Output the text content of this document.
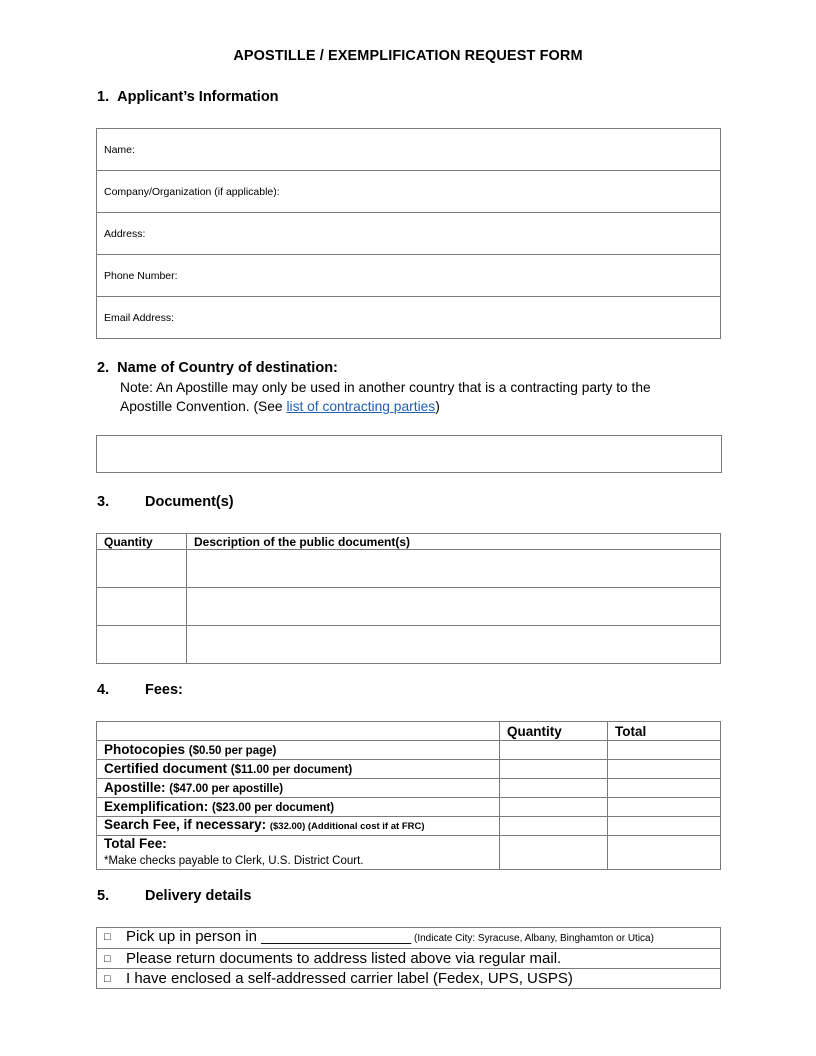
APOSTILLE / EXEMPLIFICATION REQUEST FORM
1. Applicant’s Information
Name:
Company/Organization (if applicable):
Address:
Phone Number:
Email Address:
2. Name of Country of destination:
Note: An Apostille may only be used in another country that is a contracting party to the
Apostille Convention. (See list of contracting parties)
3. Document(s)
Quantity	Description of the public document(s)

4. Fees:
	Quantity	Total
Photocopies ($0.50 per page)		
Certified document ($11.00 per document)		
Apostille: ($47.00 per apostille)		
Exemplification: ($23.00 per document)		
Search Fee, if necessary: ($32.00) (Additional cost if at FRC)		
Total Fee:
*Make checks payable to Clerk, U.S. District Court.		
5. Delivery details
□ Pick up in person in __________________ (Indicate City: Syracuse, Albany, Binghamton or Utica)
□ Please return documents to address listed above via regular mail.
□ I have enclosed a self-addressed carrier label (Fedex, UPS, USPS)
